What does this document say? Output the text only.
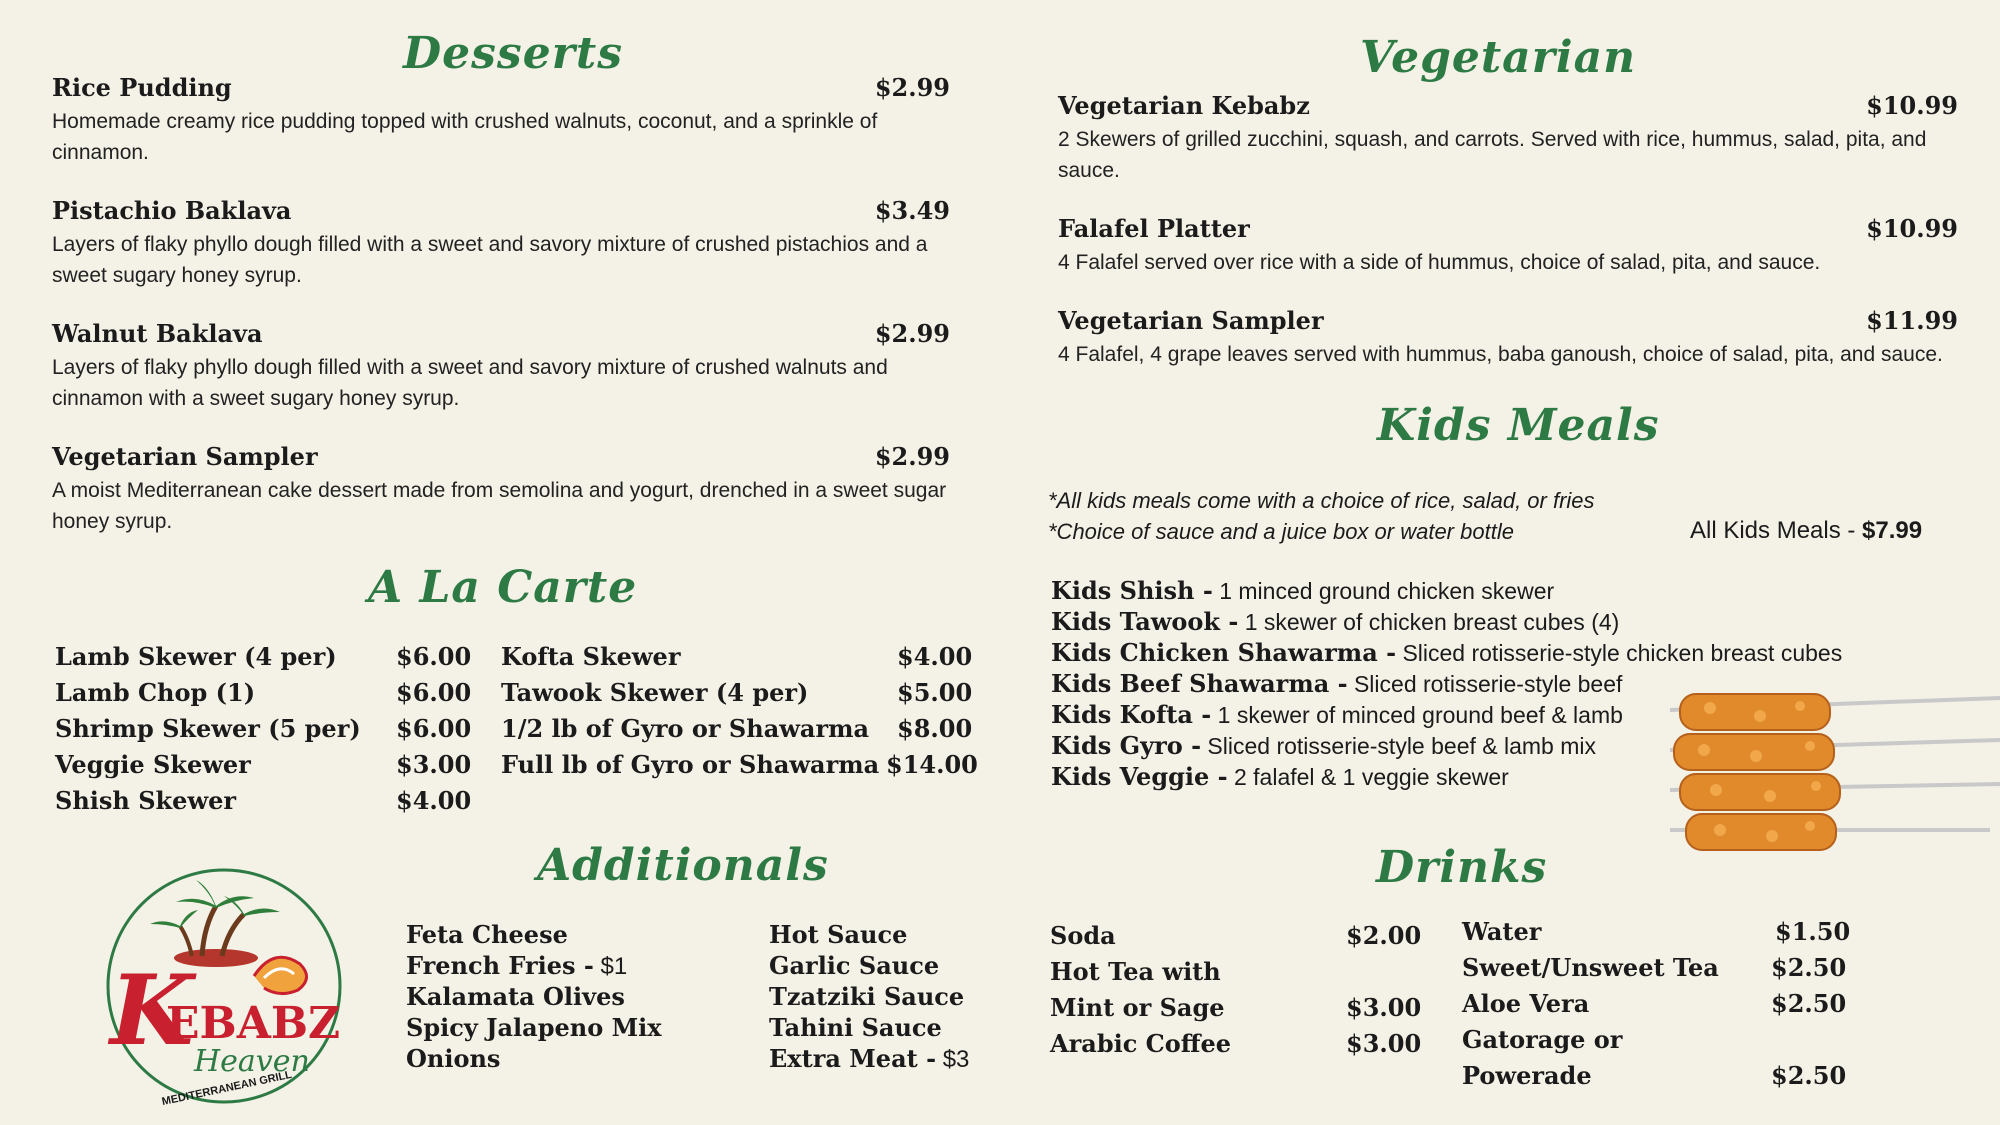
Desserts
Rice Pudding	$2.99
Homemade creamy rice pudding topped with crushed walnuts, coconut, and a sprinkle of cinnamon.
Pistachio Baklava	$3.49
Layers of flaky phyllo dough filled with a sweet and savory mixture of crushed pistachios and a sweet sugary honey syrup.
Walnut Baklava	$2.99
Layers of flaky phyllo dough filled with a sweet and savory mixture of crushed walnuts and cinnamon with a sweet sugary honey syrup.
Vegetarian Sampler	$2.99
A moist Mediterranean cake dessert made from semolina and yogurt, drenched in a sweet sugar honey syrup.
A La Carte
Lamb Skewer (4 per) $6.00
Lamb Chop (1)	$6.00
Shrimp Skewer (5 per) $6.00
Veggie Skewer	$3.00
Shish Skewer	$4.00
Kofta Skewer	$4.00
Tawook Skewer (4 per)	$5.00
1/2 lb of Gyro or Shawarma $8.00
Full lb of Gyro or Shawarma $14.00
Additionals
Feta Cheese
French Fries - $1
Kalamata Olives
Spicy Jalapeno Mix
Onions
Hot Sauce
Garlic Sauce
Tzatziki Sauce
Tahini Sauce
Extra Meat - $3
K
EBABZ
Heaven
MEDITERRANEAN GRILL
Vegetarian
Vegetarian Kebabz	$10.99
2 Skewers of grilled zucchini, squash, and carrots. Served with rice, hummus, salad, pita, and sauce.
Falafel Platter	$10.99
4 Falafel served over rice with a side of hummus, choice of salad, pita, and sauce.
Vegetarian Sampler	$11.99
4 Falafel, 4 grape leaves served with hummus, baba ganoush, choice of salad, pita, and sauce.
Kids Meals
*All kids meals come with a choice of rice, salad, or fries
*Choice of sauce and a juice box or water bottle	All Kids Meals - $7.99
Kids Shish - 1 minced ground chicken skewer
Kids Tawook - 1 skewer of chicken breast cubes (4)
Kids Chicken Shawarma - Sliced rotisserie-style chicken breast cubes
Kids Beef Shawarma - Sliced rotisserie-style beef
Kids Kofta - 1 skewer of minced ground beef & lamb
Kids Gyro - Sliced rotisserie-style beef & lamb mix
Kids Veggie - 2 falafel & 1 veggie skewer
Drinks
Soda	$2.00
Hot Tea with
Mint or Sage	$3.00
Arabic Coffee	$3.00
Water	$1.50
Sweet/Unsweet Tea $2.50
Aloe Vera	$2.50
Gatorage or
Powerade	$2.50
